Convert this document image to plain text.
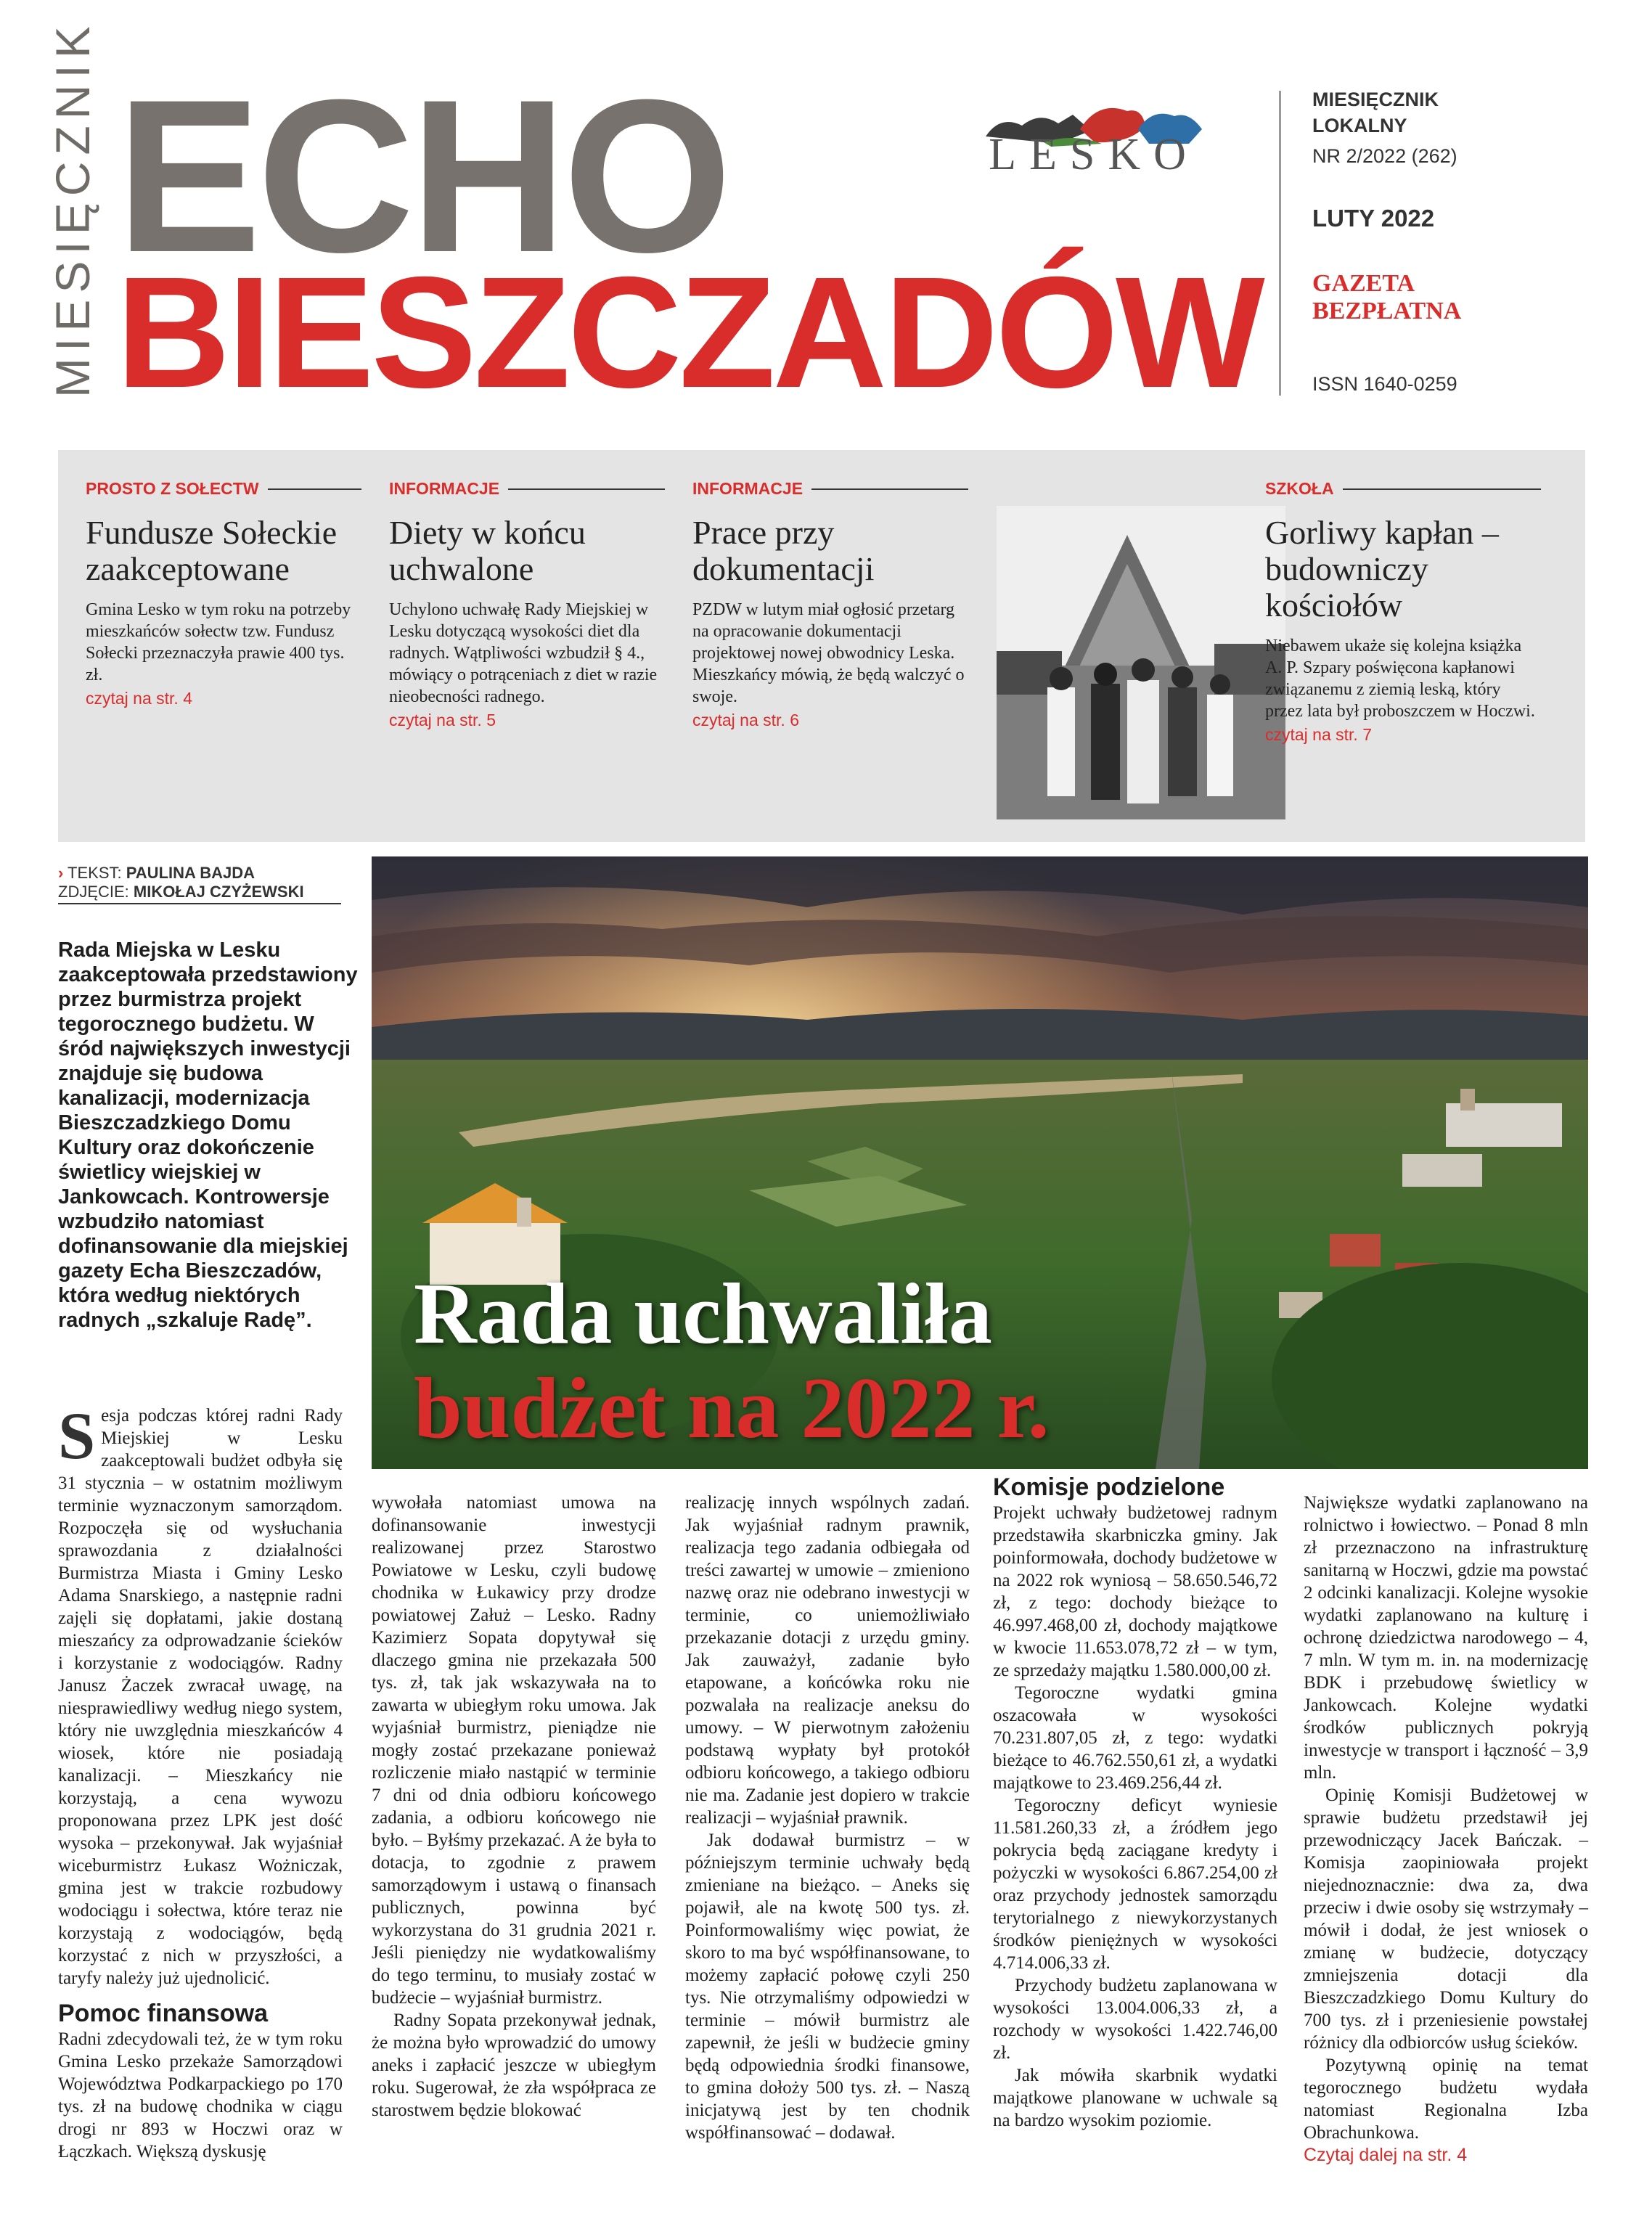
MIESIĘCZNIK ECHO
BIESZCZADÓW
LESKO
MIESIĘCZNIK
LOKALNY
NR 2/2022 (262)
LUTY 2022
GAZETA
BEZPŁATNA
ISSN 1640-0259
PROSTO Z SOŁECTW
Fundusze Sołeckie zaakceptowane

Gmina Lesko w tym roku na potrzeby mieszkańców sołectw tzw. Fundusz Sołecki przeznaczyła prawie 400 tys. zł.

czytaj na str. 4
INFORMACJE
Diety w końcu uchwalone

Uchylono uchwałę Rady Miejskiej w Lesku dotyczącą wysokości diet dla radnych. Wątpliwości wzbudził § 4., mówiący o potrąceniach z diet w razie nieobecności radnego.

czytaj na str. 5
INFORMACJE
Prace przy dokumentacji

PZDW w lutym miał ogłosić przetarg na opracowanie dokumentacji projektowej nowej obwodnicy Leska. Mieszkańcy mówią, że będą walczyć o swoje.

czytaj na str. 6
SZKOŁA
Gorliwy kapłan – budowniczy kościołów

Niebawem ukaże się kolejna książka A. P. Szpary poświęcona kapłanowi związanemu z ziemią leską, który przez lata był proboszczem w Hoczwi.

czytaj na str. 7
› TEKST: PAULINA BAJDA
ZDJĘCIE: MIKOŁAJ CZYŻEWSKI
Rada Miejska w Lesku zaakceptowała przedstawiony przez burmistrza projekt tegorocznego budżetu. W śród największych inwestycji znajduje się budowa kanalizacji, modernizacja Bieszczadzkiego Domu Kultury oraz dokończenie świetlicy wiejskiej w Jankowcach. Kontrowersje wzbudziło natomiast dofinansowanie dla miejskiej gazety Echa Bieszczadów, która według niektórych radnych „szkaluje Radę”.	Rada uchwaliła
budżet na 2022 r.

Sesja podczas której radni Rady Miejskiej w Lesku zaakceptowali budżet odbyła się 31 stycznia – w ostatnim możliwym terminie wyznaczonym samorządom. Rozpoczęła się od wysłuchania sprawozdania z działalności Burmistrza Miasta i Gminy Lesko Adama Snarskiego, a następnie radni zajęli się dopłatami, jakie dostaną mieszańcy za odprowadzanie ścieków i korzystanie z wodociągów. Radny Janusz Żaczek zwracał uwagę, na niesprawiedliwy według niego system, który nie uwzględnia mieszkańców 4 wiosek, które nie posiadają kanalizacji. – Mieszkańcy nie korzystają, a cena wywozu proponowana przez LPK jest dość wysoka – przekonywał. Jak wyjaśniał wiceburmistrz Łukasz Wożniczak, gmina jest w trakcie rozbudowy wodociągu i sołectwa, które teraz nie korzystają z wodociągów, będą korzystać z nich w przyszłości, a taryfy należy już ujednolicić.

Pomoc finansowa

Radni zdecydowali też, że w tym roku Gmina Lesko przekaże Samorządowi Województwa Podkarpackiego po 170 tys. zł na budowę chodnika w ciągu drogi nr 893 w Hoczwi oraz w Łączkach. Większą dyskusję

wywołała natomiast umowa na dofinansowanie inwestycji realizowanej przez Starostwo Powiatowe w Lesku, czyli budowę chodnika w Łukawicy przy drodze powiatowej Załuż – Lesko. Radny Kazimierz Sopata dopytywał się dlaczego gmina nie przekazała 500 tys. zł, tak jak wskazywała na to zawarta w ubiegłym roku umowa. Jak wyjaśniał burmistrz, pieniądze nie mogły zostać przekazane ponieważ rozliczenie miało nastąpić w terminie 7 dni od dnia odbioru końcowego zadania, a odbioru końcowego nie było. – Byłśmy przekazać. A że była to dotacja, to zgodnie z prawem samorządowym i ustawą o finansach publicznych, powinna być wykorzystana do 31 grudnia 2021 r. Jeśli pieniędzy nie wydatkowaliśmy do tego terminu, to musiały zostać w budżecie – wyjaśniał burmistrz.

Radny Sopata przekonywał jednak, że można było wprowadzić do umowy aneks i zapłacić jeszcze w ubiegłym roku. Sugerował, że zła współpraca ze starostwem będzie blokować

realizację innych wspólnych zadań. Jak wyjaśniał radnym prawnik, realizacja tego zadania odbiegała od treści zawartej w umowie – zmieniono nazwę oraz nie odebrano inwestycji w terminie, co uniemożliwiało przekazanie dotacji z urzędu gminy. Jak zauważył, zadanie było etapowane, a końcówka roku nie pozwalała na realizacje aneksu do umowy. – W pierwotnym założeniu podstawą wypłaty był protokół odbioru końcowego, a takiego odbioru nie ma. Zadanie jest dopiero w trakcie realizacji – wyjaśniał prawnik.

Jak dodawał burmistrz – w późniejszym terminie uchwały będą zmieniane na bieżąco. – Aneks się pojawił, ale na kwotę 500 tys. zł. Poinformowaliśmy więc powiat, że skoro to ma być współfinansowane, to możemy zapłacić połowę czyli 250 tys. Nie otrzymaliśmy odpowiedzi w terminie – mówił burmistrz ale zapewnił, że jeśli w budżecie gminy będą odpowiednia środki finansowe, to gmina dołoży 500 tys. zł. – Naszą inicjatywą jest by ten chodnik współfinansować – dodawał.

Komisje podzielone

Projekt uchwały budżetowej radnym przedstawiła skarbniczka gminy. Jak poinformowała, dochody budżetowe w na 2022 rok wyniosą – 58.650.546,72 zł, z tego: dochody bieżące to 46.997.468,00 zł, dochody majątkowe w kwocie 11.653.078,72 zł – w tym, ze sprzedaży majątku 1.580.000,00 zł.

Tegoroczne wydatki gmina oszacowała w wysokości 70.231.807,05 zł, z tego: wydatki bieżące to 46.762.550,61 zł, a wydatki majątkowe to 23.469.256,44 zł.

Tegoroczny deficyt wyniesie 11.581.260,33 zł, a źródłem jego pokrycia będą zaciągane kredyty i pożyczki w wysokości 6.867.254,00 zł oraz przychody jednostek samorządu terytorialnego z niewykorzystanych środków pieniężnych w wysokości 4.714.006,33 zł.

Przychody budżetu zaplanowana w wysokości 13.004.006,33 zł, a rozchody w wysokości 1.422.746,00 zł.

Jak mówiła skarbnik wydatki majątkowe planowane w uchwale są na bardzo wysokim poziomie.

Największe wydatki zaplanowano na rolnictwo i łowiectwo. – Ponad 8 mln zł przeznaczono na infrastrukturę sanitarną w Hoczwi, gdzie ma powstać 2 odcinki kanalizacji. Kolejne wysokie wydatki zaplanowano na kulturę i ochronę dziedzictwa narodowego – 4, 7 mln. W tym m. in. na modernizację BDK i przebudowę świetlicy w Jankowcach. Kolejne wydatki środków publicznych pokryją inwestycje w transport i łączność – 3,9 mln.

Opinię Komisji Budżetowej w sprawie budżetu przedstawił jej przewodniczący Jacek Bańczak. – Komisja zaopiniowała projekt niejednoznacznie: dwa za, dwa przeciw i dwie osoby się wstrzymały – mówił i dodał, że jest wniosek o zmianę w budżecie, dotyczący zmniejszenia dotacji dla Bieszczadzkiego Domu Kultury do 700 tys. zł i przeniesienie powstałej różnicy dla odbiorców usług ścieków.

Pozytywną opinię na temat tegorocznego budżetu wydała natomiast Regionalna Izba Obrachunkowa.

Czytaj dalej na str. 4
